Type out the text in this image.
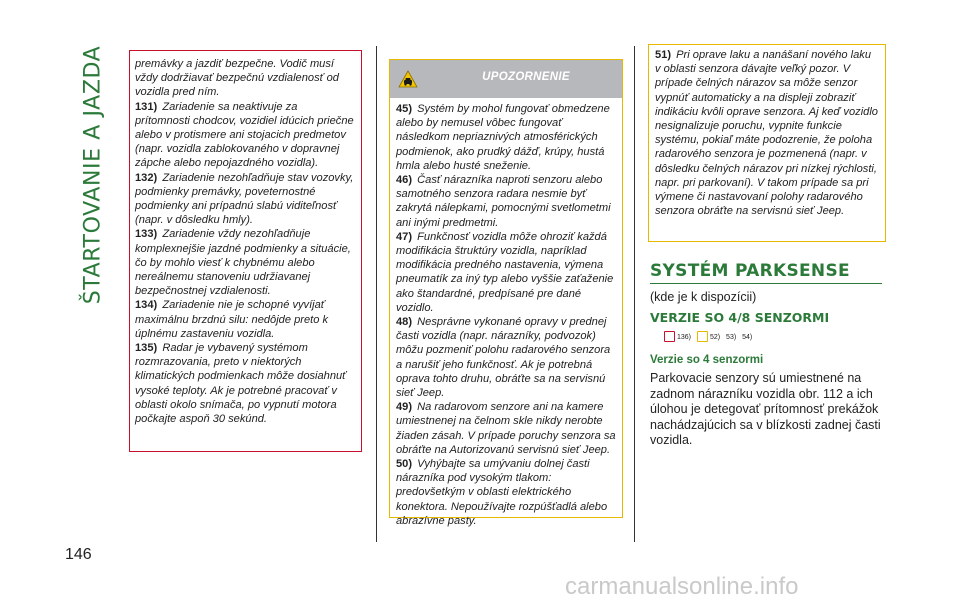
ŠTARTOVANIE A JAZDA
146

premávky a jazdiť bezpečne. Vodič musí vždy dodržiavať bezpečnú vzdialenosť od vozidla pred ním.

131) Zariadenie sa neaktivuje za prítomnosti chodcov, vozidiel idúcich priečne alebo v protismere ani stojacich predmetov (napr. vozidla zablokovaného v dopravnej zápche alebo nepojazdného vozidla).

132) Zariadenie nezohľadňuje stav vozovky, podmienky premávky, poveternostné podmienky ani prípadnú slabú viditeľnosť (napr. v dôsledku hmly).

133) Zariadenie vždy nezohľadňuje komplexnejšie jazdné podmienky a situácie, čo by mohlo viesť k chybnému alebo nereálnemu stanoveniu udržiavanej bezpečnostnej vzdialenosti.

134) Zariadenie nie je schopné vyvíjať maximálnu brzdnú silu: nedôjde preto k úplnému zastaveniu vozidla.

135) Radar je vybavený systémom rozmrazovania, preto v niektorých klimatických podmienkach môže dosiahnuť vysoké teploty. Ak je potrebné pracovať v oblasti okolo snímača, po vypnutí motora počkajte aspoň 30 sekúnd.

UPOZORNENIE

45) Systém by mohol fungovať obmedzene alebo by nemusel vôbec fungovať následkom nepriaznivých atmosférických podmienok, ako prudký dážď, krúpy, hustá hmla alebo husté sneženie.

46) Časť nárazníka naproti senzoru alebo samotného senzora radara nesmie byť zakrytá nálepkami, pomocnými svetlometmi ani inými predmetmi.

47) Funkčnosť vozidla môže ohroziť každá modifikácia štruktúry vozidla, napríklad modifikácia predného nastavenia, výmena pneumatík za iný typ alebo vyššie zaťaženie ako štandardné, predpísané pre dané vozidlo.

48) Nesprávne vykonané opravy v prednej časti vozidla (napr. nárazníky, podvozok) môžu pozmeniť polohu radarového senzora a narušiť jeho funkčnosť. Ak je potrebná oprava tohto druhu, obráťte sa na servisnú sieť Jeep.

49) Na radarovom senzore ani na kamere umiestnenej na čelnom skle nikdy nerobte žiaden zásah. V prípade poruchy senzora sa obráťte na Autorizovanú servisnú sieť Jeep.

50) Vyhýbajte sa umývaniu dolnej časti nárazníka pod vysokým tlakom: predovšetkým v oblasti elektrického konektora. Nepoužívajte rozpúšťadlá alebo abrazívne pasty.

51) Pri oprave laku a nanášaní nového laku v oblasti senzora dávajte veľký pozor. V prípade čelných nárazov sa môže senzor vypnúť automaticky a na displeji zobraziť indikáciu kvôli oprave senzora. Aj keď vozidlo nesignalizuje poruchu, vypnite funkcie systému, pokiaľ máte podozrenie, že poloha radarového senzora je pozmenená (napr. v dôsledku čelných nárazov pri nízkej rýchlosti, napr. pri parkovaní). V takom prípade sa pri výmene či nastavovaní polohy radarového senzora obráťte na servisnú sieť Jeep.

SYSTÉM PARKSENSE
(kde je k dispozícii)
VERZIE SO 4/8 SENZORMI
136)	52) 53) 54)
Verzie so 4 senzormi

Parkovacie senzory sú umiestnené na zadnom nárazníku vozidla obr. 112 a ich úlohou je detegovať prítomnosť prekážok nachádzajúcich sa v blízkosti zadnej časti vozidla.

carmanualsonline.info
